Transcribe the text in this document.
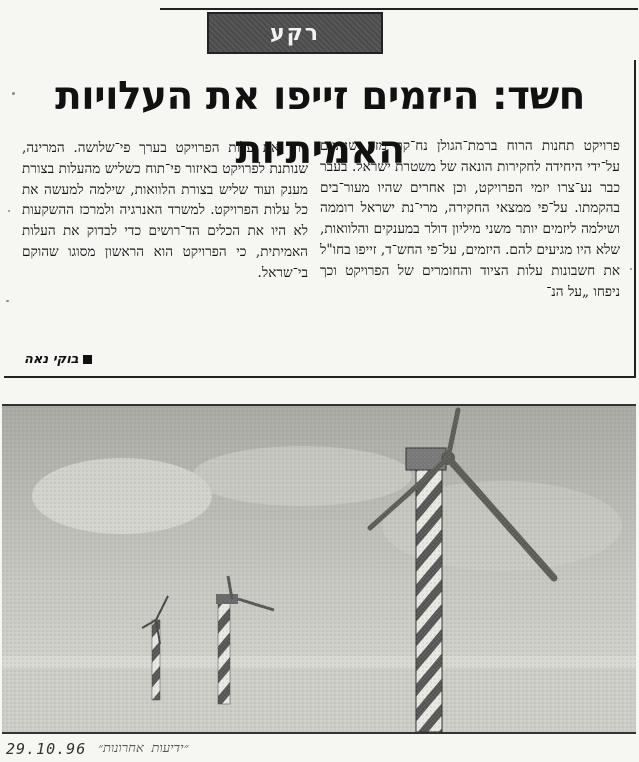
רקע
חשד: היזמים זייפו את העלויות האמיתיות
פרויקט תחנות הרוח ברמת־הגולן נח־קר מזה שנתיים על־ידי היחידה לחקירות הונאה של משטרת ישראל. בעבר כבר נע־צרו יזמי הפרויקט, וכן אחרים שהיו מעור־בים בהקמתו. על־פי ממצאי החקירה, מרי־נת ישראל רוממה ושילמה ליזמים יותר משני מיליון דולר במענקים והלוואות, שלא היו מגיעים להם. היזמים, על־פי החש־ד, זייפו בחו"ל את חשבונות עלות הציוד והחומרים של הפרויקט וכך ניפחו „על הנ־
ייר" את עלות הפרויקט בערך פי־שלושה. המרינה, שנותנת לפרויקט באיזור פי־תוח כשליש מהעלות בצורת מענק ועוד שליש בצורת הלוואות, שילמה למעשה את כל עלות הפרויקט. למשרד האנרגיה ולמרכז ההשקעות לא היו את הכלים הד־רושים כדי לבדוק את העלות האמיתית, כי הפרויקט הוא הראשון מסוגו שהוקם בי־שראל.
בוקי נאה
29.10.96 ״ידיעות אחרונות״
